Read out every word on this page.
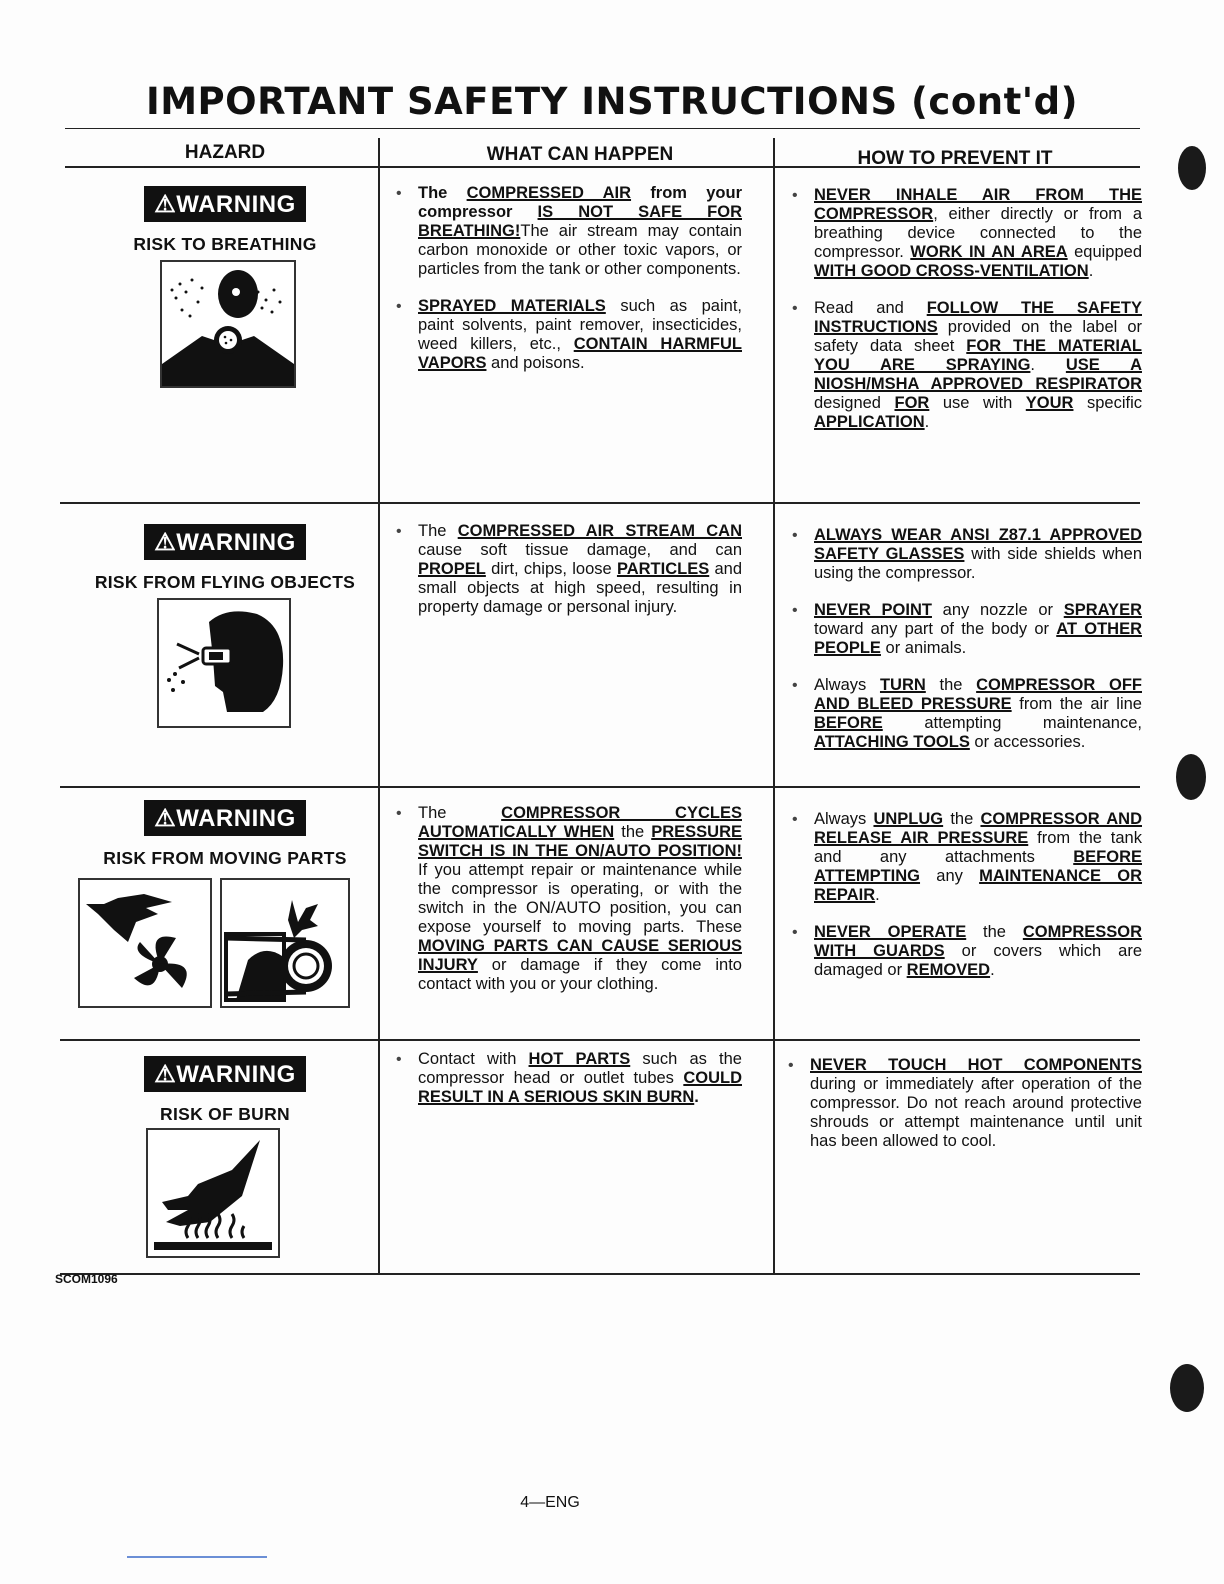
IMPORTANT SAFETY INSTRUCTIONS (cont'd)
HAZARD	WHAT CAN HAPPEN	HOW TO PREVENT IT
⚠WARNING
RISK TO BREATHING
• The COMPRESSED AIR from your compressor IS NOT SAFE FOR BREATHING!The air stream may contain carbon monoxide or other toxic vapors, or particles from the tank or other components.
• SPRAYED MATERIALS such as paint, paint solvents, paint remover, insecticides, weed killers, etc., CONTAIN HARMFUL VAPORS and poisons.
• NEVER INHALE AIR FROM THE COMPRESSOR, either directly or from a breathing device connected to the compressor. WORK IN AN AREA equipped WITH GOOD CROSS-VENTILATION.
• Read and FOLLOW THE SAFETY INSTRUCTIONS provided on the label or safety data sheet FOR THE MATERIAL YOU ARE SPRAYING. USE A NIOSH/MSHA APPROVED RESPIRATOR designed FOR use with YOUR specific APPLICATION.
⚠WARNING
RISK FROM FLYING OBJECTS
• The COMPRESSED AIR STREAM CAN cause soft tissue damage, and can PROPEL dirt, chips, loose PARTICLES and small objects at high speed, resulting in property damage or personal injury.
• ALWAYS WEAR ANSI Z87.1 APPROVED SAFETY GLASSES with side shields when using the compressor.
• NEVER POINT any nozzle or SPRAYER toward any part of the body or AT OTHER PEOPLE or animals.
• Always TURN the COMPRESSOR OFF AND BLEED PRESSURE from the air line BEFORE attempting maintenance, ATTACHING TOOLS or accessories.
⚠WARNING
RISK FROM MOVING PARTS
• The COMPRESSOR CYCLES AUTOMATICALLY WHEN the PRESSURE SWITCH IS IN THE ON/AUTO POSITION! If you attempt repair or maintenance while the compressor is operating, or with the switch in the ON/AUTO position, you can expose yourself to moving parts. These MOVING PARTS CAN CAUSE SERIOUS INJURY or damage if they come into contact with you or your clothing.
• Always UNPLUG the COMPRESSOR AND RELEASE AIR PRESSURE from the tank and any attachments BEFORE ATTEMPTING any MAINTENANCE OR REPAIR.
• NEVER OPERATE the COMPRESSOR WITH GUARDS or covers which are damaged or REMOVED.
⚠WARNING
RISK OF BURN
• Contact with HOT PARTS such as the compressor head or outlet tubes COULD RESULT IN A SERIOUS SKIN BURN.
• NEVER TOUCH HOT COMPONENTS during or immediately after operation of the compressor. Do not reach around protective shrouds or attempt maintenance until unit has been allowed to cool.
SCOM1096
4—ENG
